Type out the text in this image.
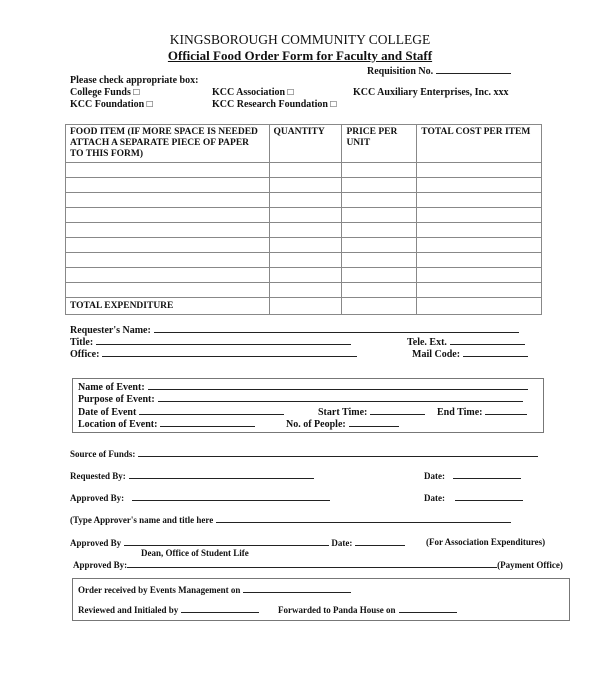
KINGSBOROUGH COMMUNITY COLLEGE
Official Food Order Form for Faculty and Staff
Requisition No.
Please check appropriate box:
College Funds □	KCC Association □	KCC Auxiliary Enterprises, Inc. xxx
KCC Foundation □	KCC Research Foundation □
FOOD ITEM (IF MORE SPACE IS NEEDED ATTACH A SEPARATE PIECE OF PAPER TO THIS FORM)	QUANTITY	PRICE PER UNIT	TOTAL COST PER ITEM

TOTAL EXPENDITURE			
Requester's Name:
Title:	Tele. Ext.
Office:	Mail Code:
Name of Event:
Purpose of Event:
Date of Event	Start Time:	End Time:
Location of Event:	No. of People:
Source of Funds:
Requested By:	Date:
Approved By:	Date:
(Type Approver's name and title here
Approved By	Date:	(For Association Expenditures)
Dean, Office of Student Life
Approved By:	(Payment Office)
Order received by Events Management on
Reviewed and Initialed by	Forwarded to Panda House on
